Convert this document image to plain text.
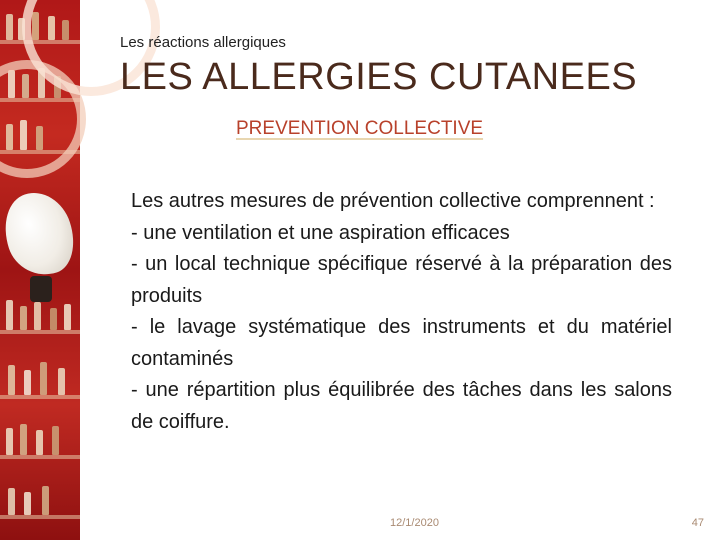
Les réactions allergiques
LES ALLERGIES CUTANEES
PREVENTION COLLECTIVE

Les autres mesures de prévention collective comprennent :

- une ventilation et une aspiration efficaces

- un local technique spécifique réservé à la préparation des produits

- le lavage systématique des instruments et du matériel contaminés

- une répartition plus équilibrée des tâches dans les salons de coiffure.

12/1/2020	47
